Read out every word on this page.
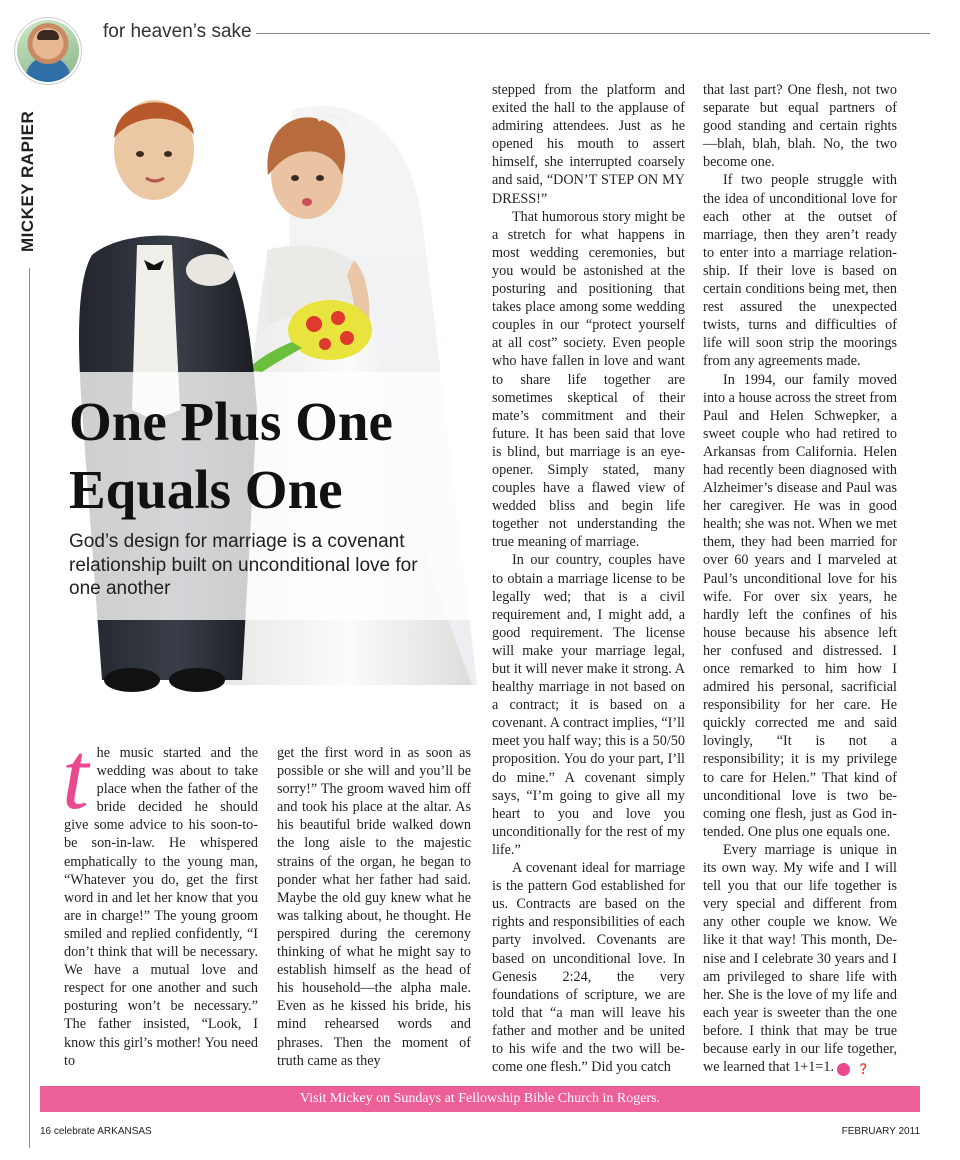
for heaven’s sake
MICKEY RAPIER
One Plus One
Equals One

God’s design for marriage is a covenant relationship built on unconditional love for one another

t he music started and the wedding was about to take place when the father of the bride decided he should give some advice to his soon-to-be son-in-law. He whispered emphatically to the young man, “Whatever you do, get the first word in and let her know that you are in charge!” The young groom smiled and replied confidently, “I don’t think that will be necessary. We have a mutual love and respect for one another and such posturing won’t be necessary.” The father insisted, “Look, I know this girl’s mother! You need to

get the first word in as soon as possible or she will and you’ll be sorry!” The groom waved him off and took his place at the altar. As his beautiful bride walked down the long aisle to the majestic strains of the organ, he began to ponder what her father had said. Maybe the old guy knew what he was talking about, he thought. He perspired during the ceremony thinking of what he might say to establish himself as the head of his household—the alpha male. Even as he kissed his bride, his mind rehearsed words and phrases. Then the moment of truth came as they

stepped from the platform and exited the hall to the applause of admiring attendees. Just as he opened his mouth to assert himself, she interrupted coarsely and said, “DON’T STEP ON MY DRESS!”

That humorous story might be a stretch for what happens in most wedding ceremonies, but you would be astonished at the posturing and positioning that takes place among some wedding couples in our “protect yourself at all cost” society. Even people who have fallen in love and want to share life together are sometimes skeptical of their mate’s commitment and their future. It has been said that love is blind, but marriage is an eye-opener. Simply stated, many couples have a flawed view of wedded bliss and begin life together not understanding the true meaning of marriage.

In our country, couples have to obtain a marriage license to be legally wed; that is a civil requirement and, I might add, a good requirement. The license will make your marriage legal, but it will never make it strong. A healthy marriage in not based on a contract; it is based on a covenant. A contract implies, “I’ll meet you half way; this is a 50/50 proposition. You do your part, I’ll do mine.” A covenant simply says, “I’m going to give all my heart to you and love you unconditionally for the rest of my life.”

A covenant ideal for marriage is the pattern God established for us. Contracts are based on the rights and responsibilities of each party involved. Covenants are based on unconditional love. In Genesis 2:24, the very foundations of scripture, we are told that “a man will leave his father and mother and be united to his wife and the two will become one flesh.” Did you catch

that last part? One flesh, not two separate but equal partners of good standing and certain rights—blah, blah, blah. No, the two become one.

If two people struggle with the idea of unconditional love for each other at the outset of marriage, then they aren’t ready to enter into a marriage relationship. If their love is based on certain conditions being met, then rest assured the unexpected twists, turns and difficulties of life will soon strip the moorings from any agreements made.

In 1994, our family moved into a house across the street from Paul and Helen Schwepker, a sweet couple who had retired to Arkansas from California. Helen had recently been diagnosed with Alzheimer’s disease and Paul was her caregiver. He was in good health; she was not. When we met them, they had been married for over 60 years and I marveled at Paul’s unconditional love for his wife. For over six years, he hardly left the confines of his house because his absence left her confused and distressed. I once remarked to him how I admired his personal, sacrificial responsibility for her care. He quickly corrected me and said lovingly, “It is not a responsibility; it is my privilege to care for Helen.” That kind of unconditional love is two becoming one flesh, just as God intended. One plus one equals one.

Every marriage is unique in its own way. My wife and I will tell you that our life together is very special and different from any other couple we know. We like it that way! This month, Denise and I celebrate 30 years and I am privileged to share life with her. She is the love of my life and each year is sweeter than the one before. I think that may be true because early in our life together, we learned that 1+1=1. ❓

Visit Mickey on Sundays at Fellowship Bible Church in Rogers.
16 celebrate ARKANSAS	FEBRUARY 2011
